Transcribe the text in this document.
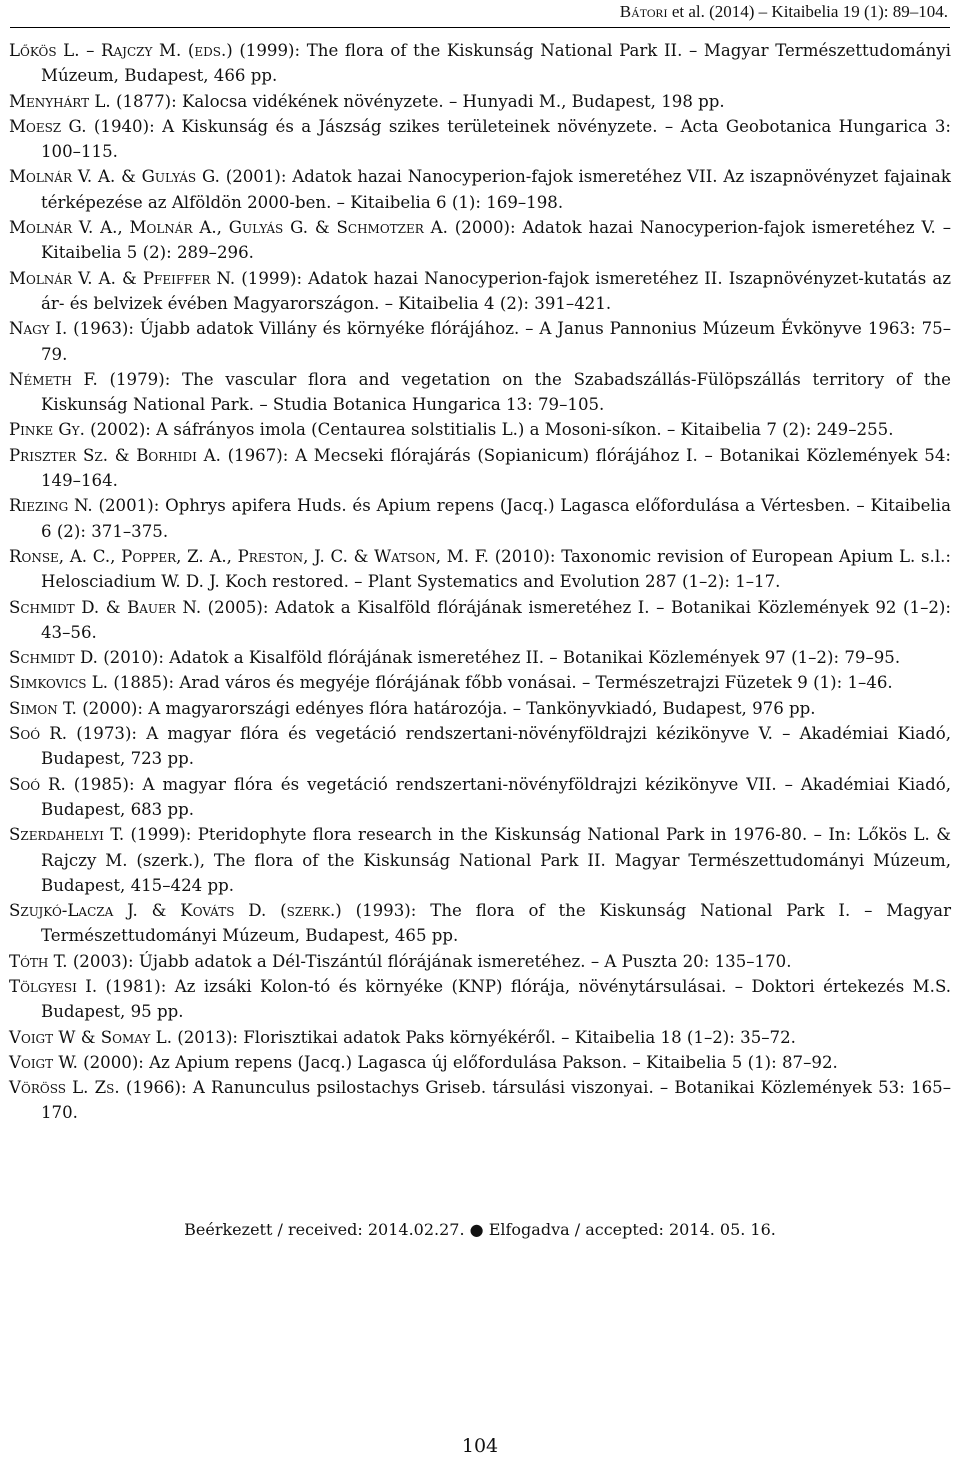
Bátori et al. (2014) – Kitaibelia 19 (1): 89–104.
Lőkös L. – Rajczy M. (eds.) (1999): The flora of the Kiskunság National Park II. – Magyar Természettudományi Múzeum, Budapest, 466 pp.
Menyhárt L. (1877): Kalocsa vidékének növényzete. – Hunyadi M., Budapest, 198 pp.
Moesz G. (1940): A Kiskunság és a Jászság szikes területeinek növényzete. – Acta Geobotanica Hungarica 3: 100–115.
Molnár V. A. & Gulyás G. (2001): Adatok hazai Nanocyperion-fajok ismeretéhez VII. Az iszapnövényzet fajainak térképezése az Alföldön 2000-ben. – Kitaibelia 6 (1): 169–198.
Molnár V. A., Molnár A., Gulyás G. & Schmotzer A. (2000): Adatok hazai Nanocyperion-fajok ismeretéhez V. – Kitaibelia 5 (2): 289–296.
Molnár V. A. & Pfeiffer N. (1999): Adatok hazai Nanocyperion-fajok ismeretéhez II. Iszapnövényzet-kutatás az ár- és belvizek évében Magyarországon. – Kitaibelia 4 (2): 391–421.
Nagy I. (1963): Újabb adatok Villány és környéke flórájához. – A Janus Pannonius Múzeum Évkönyve 1963: 75–79.
Németh F. (1979): The vascular flora and vegetation on the Szabadszállás-Fülöpszállás territory of the Kiskunság National Park. – Studia Botanica Hungarica 13: 79–105.
Pinke Gy. (2002): A sáfrányos imola (Centaurea solstitialis L.) a Mosoni-síkon. – Kitaibelia 7 (2): 249–255.
Priszter Sz. & Borhidi A. (1967): A Mecseki flórajárás (Sopianicum) flórájához I. – Botanikai Közlemények 54: 149–164.
Riezing N. (2001): Ophrys apifera Huds. és Apium repens (Jacq.) Lagasca előfordulása a Vértesben. – Kitaibelia 6 (2): 371–375.
Ronse, A. C., Popper, Z. A., Preston, J. C. & Watson, M. F. (2010): Taxonomic revision of European Apium L. s.l.: Helosciadium W. D. J. Koch restored. – Plant Systematics and Evolution 287 (1–2): 1–17.
Schmidt D. & Bauer N. (2005): Adatok a Kisalföld flórájának ismeretéhez I. – Botanikai Közlemények 92 (1–2): 43–56.
Schmidt D. (2010): Adatok a Kisalföld flórájának ismeretéhez II. – Botanikai Közlemények 97 (1–2): 79–95.
Simkovics L. (1885): Arad város és megyéje flórájának főbb vonásai. – Természetrajzi Füzetek 9 (1): 1–46.
Simon T. (2000): A magyarországi edényes flóra határozója. – Tankönyvkiadó, Budapest, 976 pp.
Soó R. (1973): A magyar flóra és vegetáció rendszertani-növényföldrajzi kézikönyve V. – Akadémiai Kiadó, Budapest, 723 pp.
Soó R. (1985): A magyar flóra és vegetáció rendszertani-növényföldrajzi kézikönyve VII. – Akadémiai Kiadó, Budapest, 683 pp.
Szerdahelyi T. (1999): Pteridophyte flora research in the Kiskunság National Park in 1976-80. – In: Lőkös L. & Rajczy M. (szerk.), The flora of the Kiskunság National Park II. Magyar Természettudományi Múzeum, Budapest, 415–424 pp.
Szujkó-Lacza J. & Kováts D. (szerk.) (1993): The flora of the Kiskunság National Park I. – Magyar Természettudományi Múzeum, Budapest, 465 pp.
Tóth T. (2003): Újabb adatok a Dél-Tiszántúl flórájának ismeretéhez. – A Puszta 20: 135–170.
Tölgyesi I. (1981): Az izsáki Kolon-tó és környéke (KNP) flórája, növénytársulásai. – Doktori értekezés M.S. Budapest, 95 pp.
Voigt W & Somay L. (2013): Florisztikai adatok Paks környékéről. – Kitaibelia 18 (1–2): 35–72.
Voigt W. (2000): Az Apium repens (Jacq.) Lagasca új előfordulása Pakson. – Kitaibelia 5 (1): 87–92.
Vöröss L. Zs. (1966): A Ranunculus psilostachys Griseb. társulási viszonyai. – Botanikai Közlemények 53: 165–170.
Beérkezett / received: 2014.02.27. ● Elfogadva / accepted: 2014. 05. 16.
104
